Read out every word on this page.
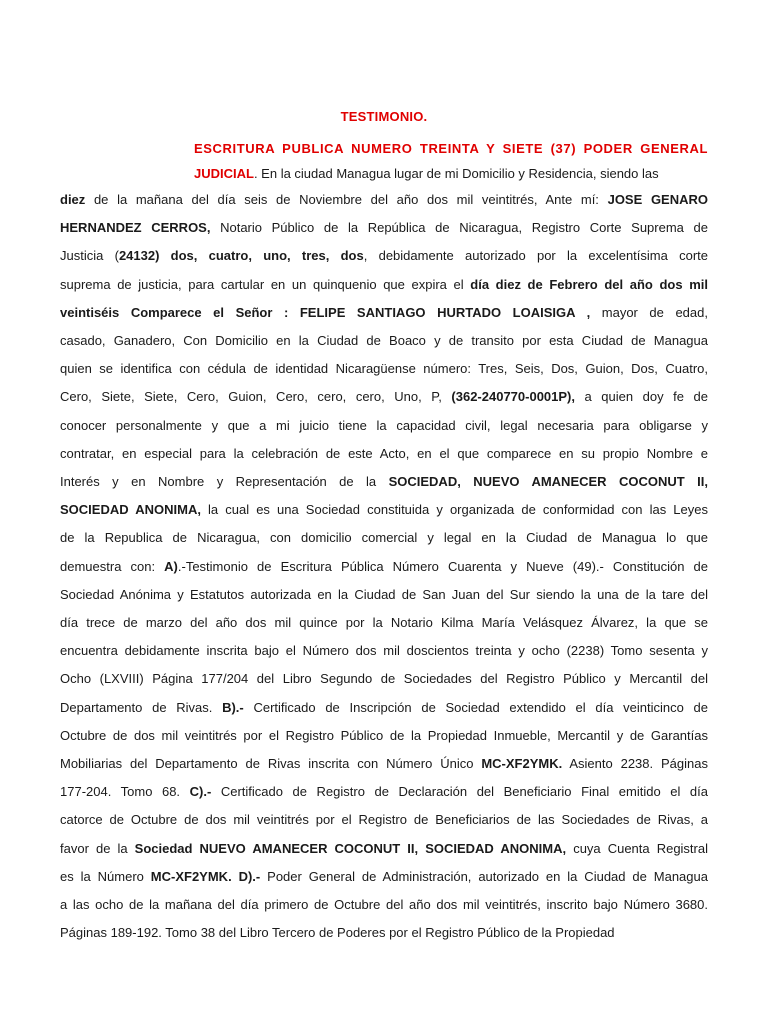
TESTIMONIO.
ESCRITURA PUBLICA NUMERO TREINTA Y SIETE (37) PODER GENERAL
JUDICIAL. En la ciudad Managua lugar de mi Domicilio y Residencia, siendo las
diez de la mañana del día seis de Noviembre del año dos mil veintitrés, Ante mí: JOSE GENARO
HERNANDEZ CERROS, Notario Público de la República de Nicaragua, Registro Corte Suprema de
Justicia (24132) dos, cuatro, uno, tres, dos, debidamente autorizado por la excelentísima corte
suprema de justicia, para cartular en un quinquenio que expira el día diez de Febrero del año dos mil
veintiséis Comparece el Señor : FELIPE SANTIAGO HURTADO LOAISIGA , mayor de edad,
casado, Ganadero, Con Domicilio en la Ciudad de Boaco y de transito por esta Ciudad de Managua
quien se identifica con cédula de identidad Nicaragüense número: Tres, Seis, Dos, Guion, Dos, Cuatro,
Cero, Siete, Siete, Cero, Guion, Cero, cero, cero, Uno, P, (362-240770-0001P), a quien doy fe de
conocer personalmente y que a mi juicio tiene la capacidad civil, legal necesaria para obligarse y
contratar, en especial para la celebración de este Acto, en el que comparece en su propio Nombre e
Interés y en Nombre y Representación de la SOCIEDAD, NUEVO AMANECER COCONUT II,
SOCIEDAD ANONIMA, la cual es una Sociedad constituida y organizada de conformidad con las Leyes
de la Republica de Nicaragua, con domicilio comercial y legal en la Ciudad de Managua lo que
demuestra con: A).-Testimonio de Escritura Pública Número Cuarenta y Nueve (49).- Constitución de
Sociedad Anónima y Estatutos autorizada en la Ciudad de San Juan del Sur siendo la una de la tare del
día trece de marzo del año dos mil quince por la Notario Kilma María Velásquez Álvarez, la que se
encuentra debidamente inscrita bajo el Número dos mil doscientos treinta y ocho (2238) Tomo sesenta y
Ocho (LXVIII) Página 177/204 del Libro Segundo de Sociedades del Registro Público y Mercantil del
Departamento de Rivas. B).- Certificado de Inscripción de Sociedad extendido el día veinticinco de
Octubre de dos mil veintitrés por el Registro Público de la Propiedad Inmueble, Mercantil y de Garantías
Mobiliarias del Departamento de Rivas inscrita con Número Único MC-XF2YMK. Asiento 2238. Páginas
177-204. Tomo 68. C).- Certificado de Registro de Declaración del Beneficiario Final emitido el día
catorce de Octubre de dos mil veintitrés por el Registro de Beneficiarios de las Sociedades de Rivas, a
favor de la Sociedad NUEVO AMANECER COCONUT II, SOCIEDAD ANONIMA, cuya Cuenta Registral
es la Número MC-XF2YMK. D).- Poder General de Administración, autorizado en la Ciudad de Managua
a las ocho de la mañana del día primero de Octubre del año dos mil veintitrés, inscrito bajo Número 3680.
Páginas 189-192. Tomo 38 del Libro Tercero de Poderes por el Registro Público de la Propiedad
